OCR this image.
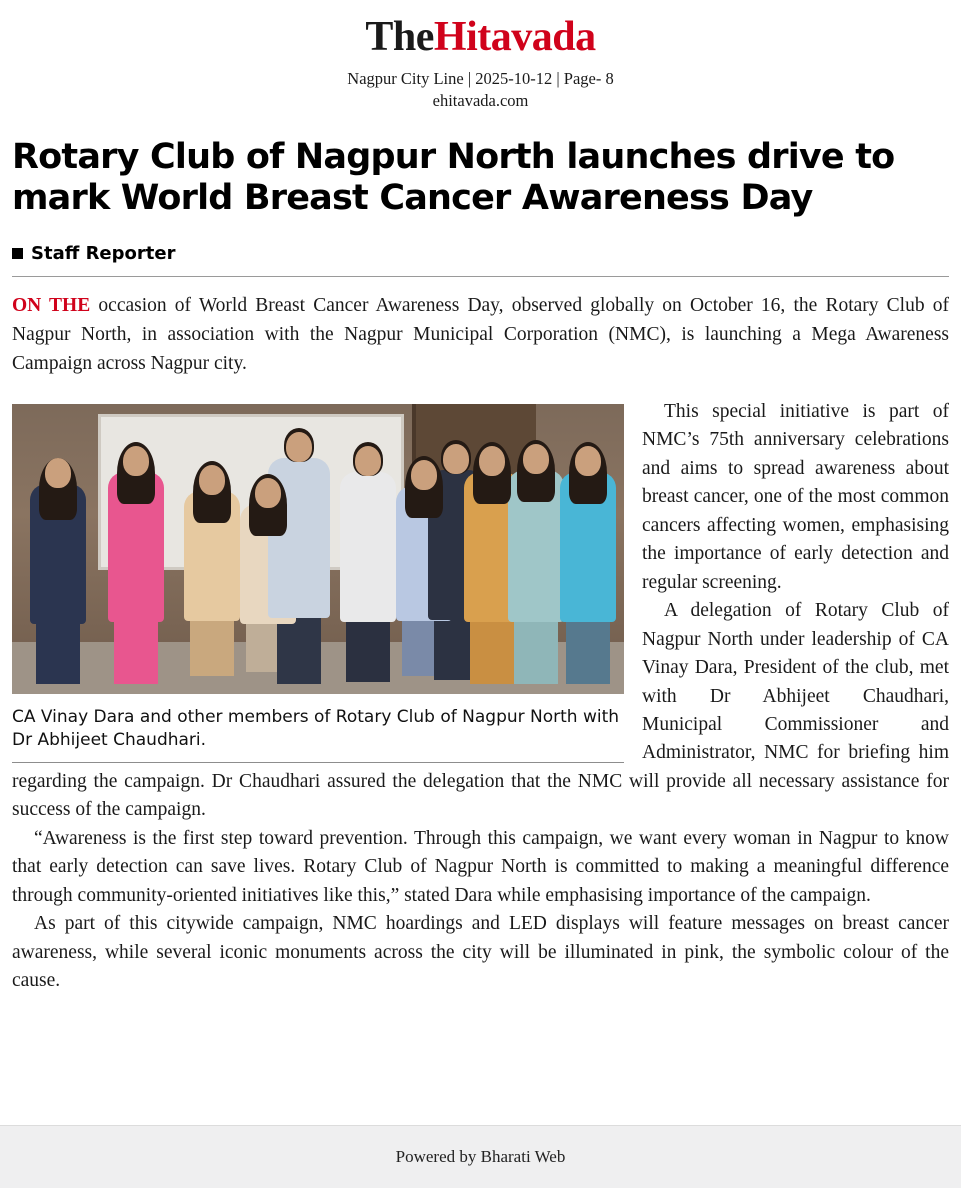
TheHitavada
Nagpur City Line | 2025-10-12 | Page- 8
ehitavada.com
Rotary Club of Nagpur North launches drive to mark World Breast Cancer Awareness Day
Staff Reporter

ON THE occasion of World Breast Cancer Awareness Day, observed globally on October 16, the Rotary Club of Nagpur North, in association with the Nagpur Municipal Corporation (NMC), is launching a Mega Awareness Campaign across Nagpur city.

CA Vinay Dara and other members of Rotary Club of Nagpur North with Dr Abhijeet Chaudhari.

This special initiative is part of NMC’s 75th anniversary celebrations and aims to spread awareness about breast cancer, one of the most common cancers affecting women, emphasising the importance of early detection and regular screening.

A delegation of Rotary Club of Nagpur North under leadership of CA Vinay Dara, President of the club, met with Dr Abhijeet Chaudhari, Municipal Commissioner and Administrator, NMC for briefing him regarding the campaign. Dr Chaudhari assured the delegation that the NMC will provide all necessary assistance for success of the campaign.

“Awareness is the first step toward prevention. Through this campaign, we want every woman in Nagpur to know that early detection can save lives. Rotary Club of Nagpur North is committed to making a meaningful difference through community-oriented initiatives like this,” stated Dara while emphasising importance of the campaign.

As part of this citywide campaign, NMC hoardings and LED displays will feature messages on breast cancer awareness, while several iconic monuments across the city will be illuminated in pink, the symbolic colour of the cause.

Powered by Bharati Web
